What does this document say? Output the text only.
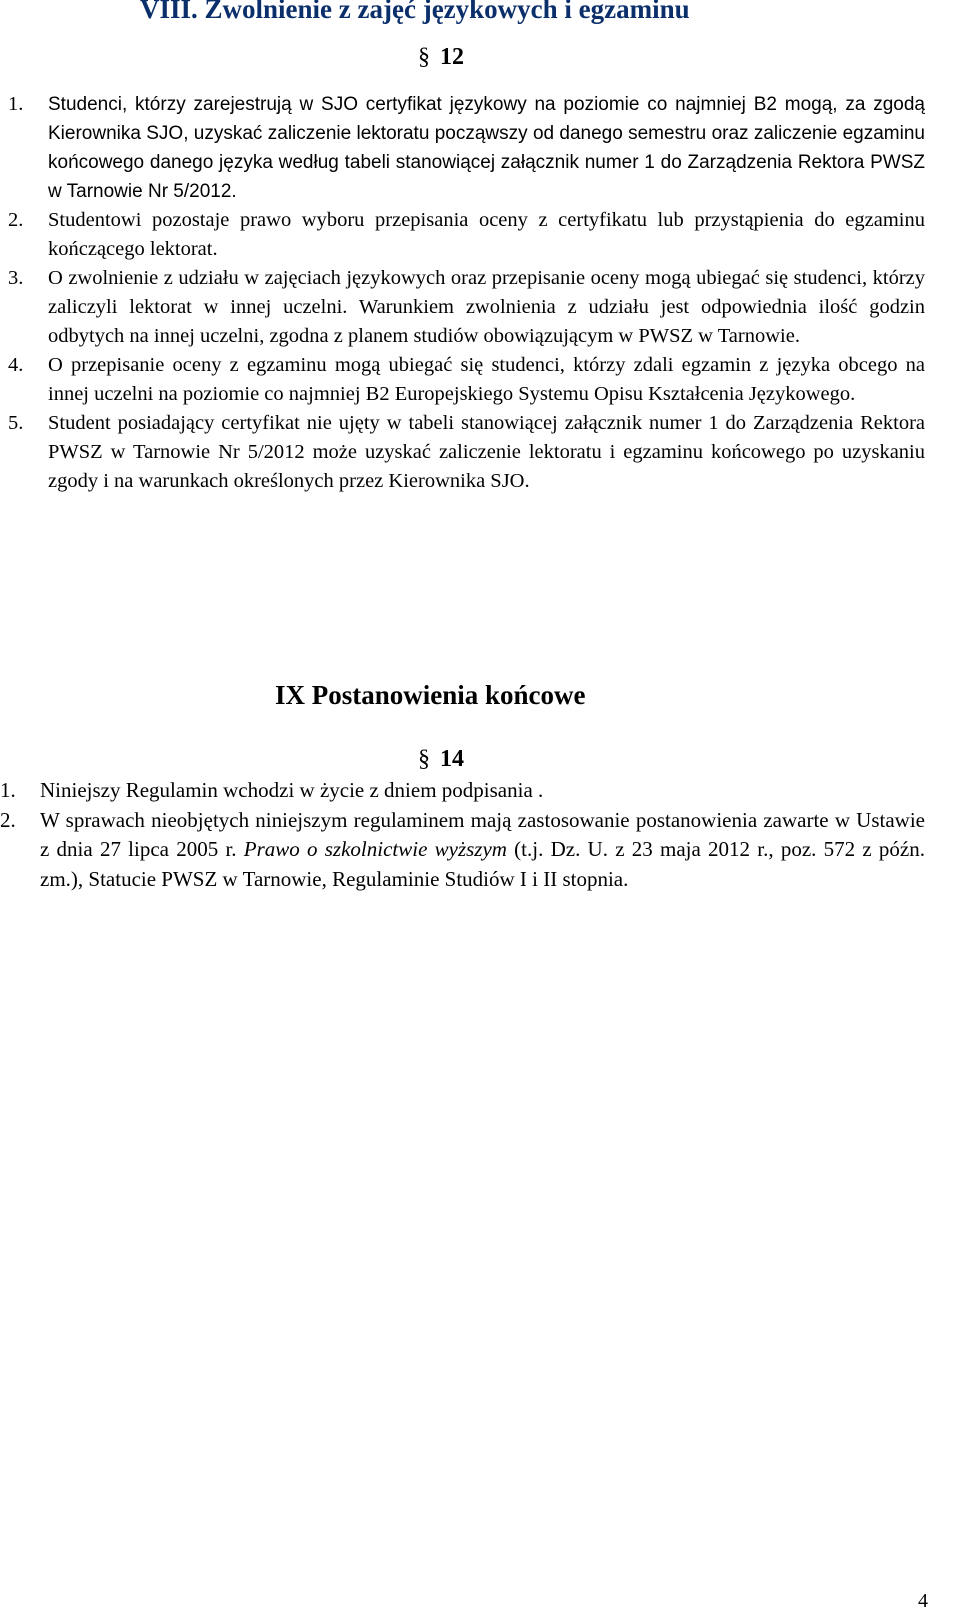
VIII. Zwolnienie z zajęć językowych i egzaminu
§ 12
1. Studenci, którzy zarejestrują w SJO certyfikat językowy na poziomie co najmniej B2 mogą, za zgodą Kierownika SJO, uzyskać zaliczenie lektoratu począwszy od danego semestru oraz zaliczenie egzaminu końcowego danego języka według tabeli stanowiącej załącznik numer 1 do Zarządzenia Rektora PWSZ w Tarnowie Nr 5/2012.
2. Studentowi pozostaje prawo wyboru przepisania oceny z certyfikatu lub przystąpienia do egzaminu kończącego lektorat.
3. O zwolnienie z udziału w zajęciach językowych oraz przepisanie oceny mogą ubiegać się studenci, którzy zaliczyli lektorat w innej uczelni. Warunkiem zwolnienia z udziału jest odpowiednia ilość godzin odbytych na innej uczelni, zgodna z planem studiów obowiązującym w PWSZ w Tarnowie.
4. O przepisanie oceny z egzaminu mogą ubiegać się studenci, którzy zdali egzamin z języka obcego na innej uczelni na poziomie co najmniej B2 Europejskiego Systemu Opisu Kształcenia Językowego.
5. Student posiadający certyfikat nie ujęty w tabeli stanowiącej załącznik numer 1 do Zarządzenia Rektora PWSZ w Tarnowie Nr 5/2012 może uzyskać zaliczenie lektoratu i egzaminu końcowego po uzyskaniu zgody i na warunkach określonych przez Kierownika SJO.
IX Postanowienia końcowe
§ 14
1. Niniejszy Regulamin wchodzi w życie z dniem podpisania .
2. W sprawach nieobjętych niniejszym regulaminem mają zastosowanie postanowienia zawarte w Ustawie z dnia 27 lipca 2005 r. Prawo o szkolnictwie wyższym (t.j. Dz. U. z 23 maja 2012 r., poz. 572 z późn. zm.), Statucie PWSZ w Tarnowie, Regulaminie Studiów I i II stopnia.
4
